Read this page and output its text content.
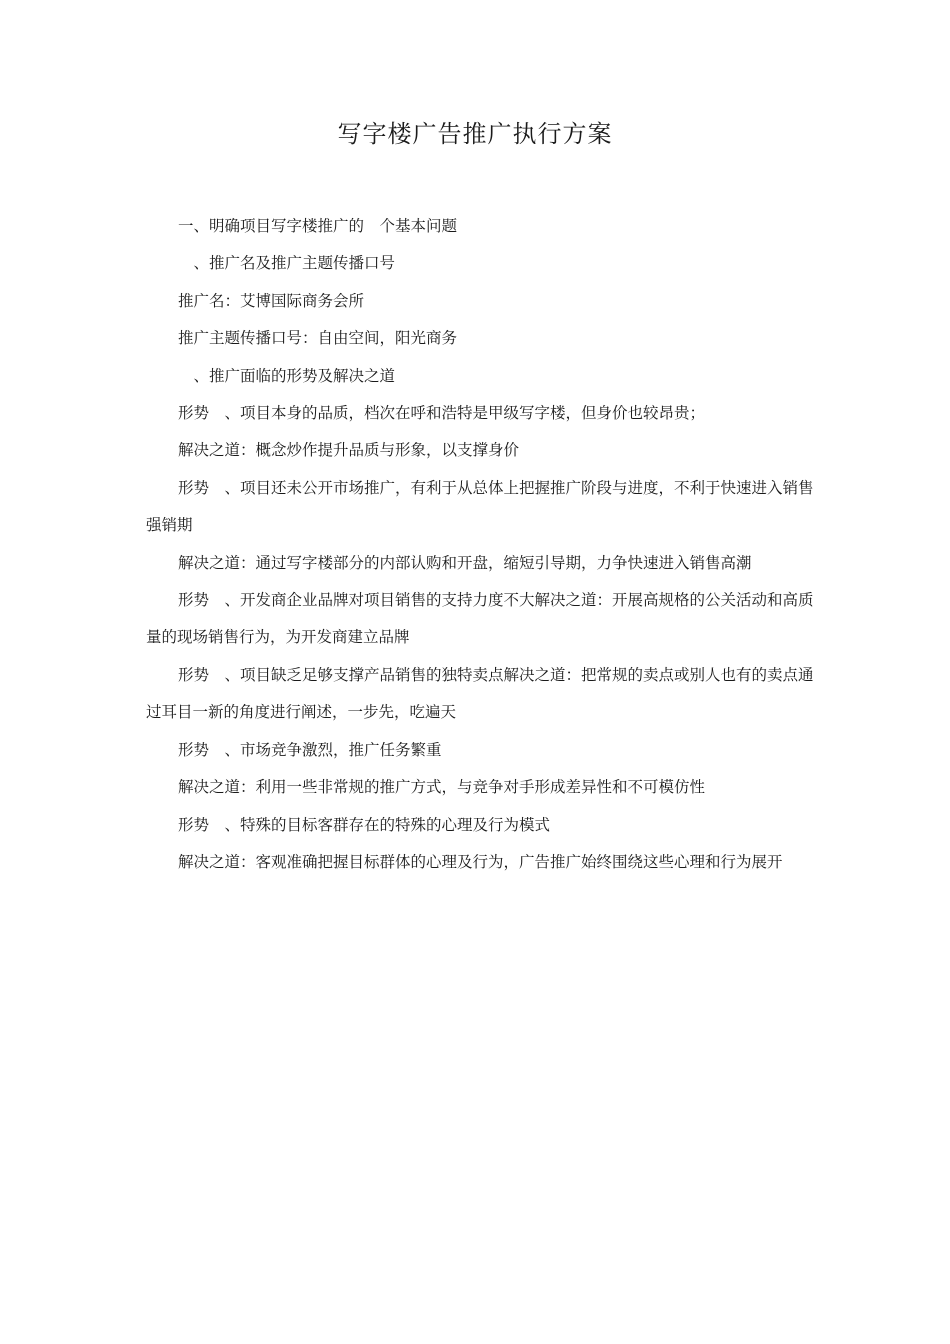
写字楼广告推广执行方案

一、明确项目写字楼推广的　个基本问题

　、推广名及推广主题传播口号

推广名：艾博国际商务会所

推广主题传播口号：自由空间，阳光商务

　、推广面临的形势及解决之道

形势　、项目本身的品质，档次在呼和浩特是甲级写字楼，但身价也较昂贵；

解决之道：概念炒作提升品质与形象，以支撑身价

形势　、项目还未公开市场推广，有利于从总体上把握推广阶段与进度，不利于快速进入销售强销期

解决之道：通过写字楼部分的内部认购和开盘，缩短引导期，力争快速进入销售高潮

形势　、开发商企业品牌对项目销售的支持力度不大解决之道：开展高规格的公关活动和高质量的现场销售行为，为开发商建立品牌

形势　、项目缺乏足够支撑产品销售的独特卖点解决之道：把常规的卖点或别人也有的卖点通过耳目一新的角度进行阐述，一步先，吃遍天

形势　、市场竞争激烈，推广任务繁重

解决之道：利用一些非常规的推广方式，与竞争对手形成差异性和不可模仿性

形势　、特殊的目标客群存在的特殊的心理及行为模式

解决之道：客观准确把握目标群体的心理及行为，广告推广始终围绕这些心理和行为展开
